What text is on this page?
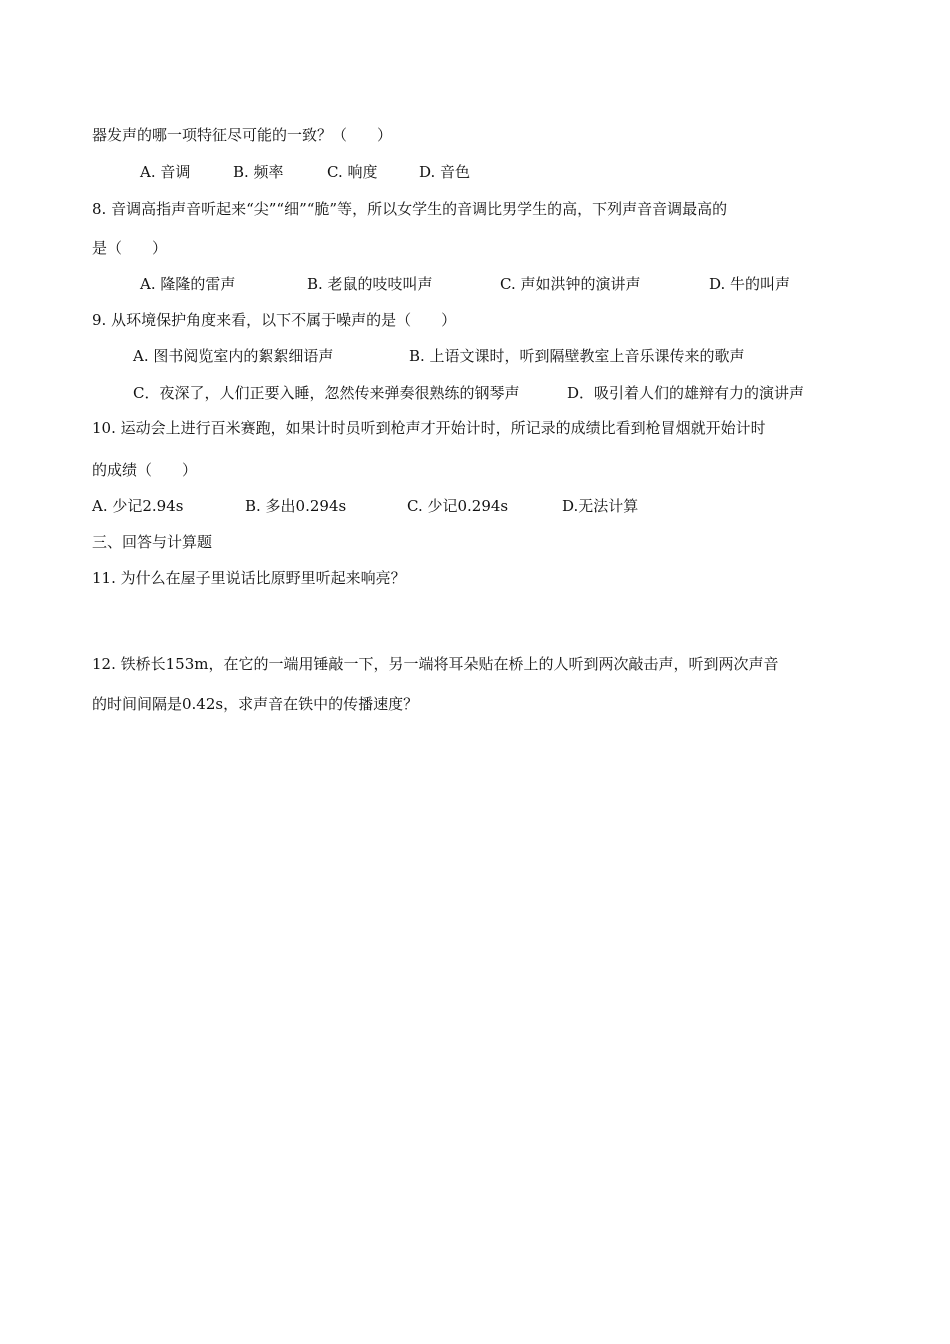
器发声的哪一项特征尽可能的一致？（　　）
A. 音调	B. 频率	C. 响度	D. 音色
8. 音调高指声音听起来“尖”“细”“脆”等，所以女学生的音调比男学生的高，下列声音音调最高的
是（　　）
A. 隆隆的雷声	B. 老鼠的吱吱叫声	C. 声如洪钟的演讲声	D. 牛的叫声
9. 从环境保护角度来看，以下不属于噪声的是（　　）
A. 图书阅览室内的絮絮细语声	B. 上语文课时，听到隔壁教室上音乐课传来的歌声
C．夜深了，人们正要入睡，忽然传来弹奏很熟练的钢琴声	D．吸引着人们的雄辩有力的演讲声
10. 运动会上进行百米赛跑，如果计时员听到枪声才开始计时，所记录的成绩比看到枪冒烟就开始计时
的成绩（　　）
A. 少记2.94s	B. 多出0.294s	C. 少记0.294s	D.无法计算
三、回答与计算题
11. 为什么在屋子里说话比原野里听起来响亮？
12. 铁桥长153m，在它的一端用锤敲一下，另一端将耳朵贴在桥上的人听到两次敲击声，听到两次声音
的时间间隔是0.42s，求声音在铁中的传播速度？
